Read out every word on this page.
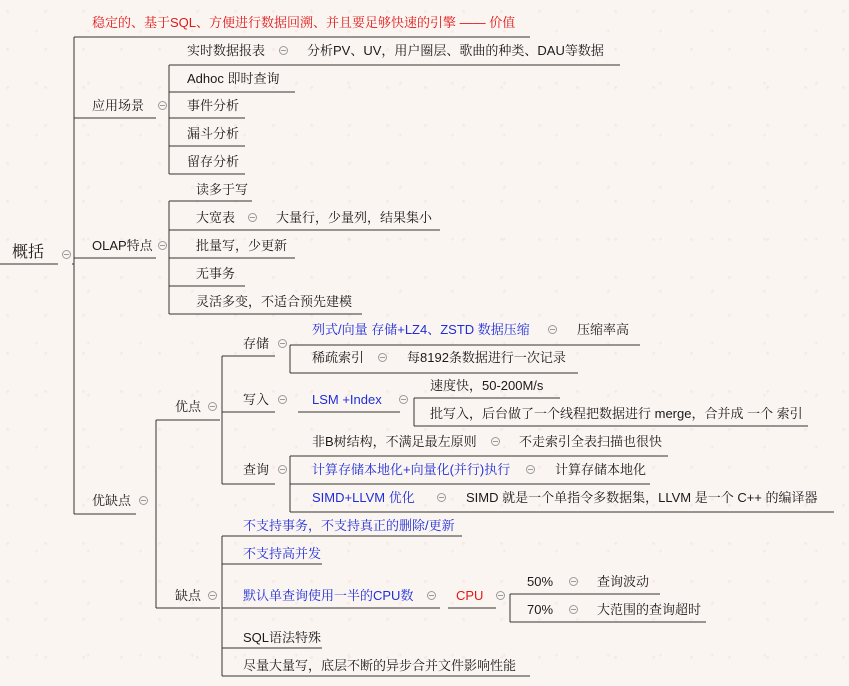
概括
稳定的、基于SQL、方便进行数据回溯、并且要足够快速的引擎 —— 价值
应用场景
实时数据报表	分析PV、UV，用户圈层、歌曲的种类、DAU等数据
Adhoc 即时查询
事件分析
漏斗分析
留存分析
OLAP特点
读多于写
大宽表	大量行，少量列，结果集小
批量写，少更新
无事务
灵活多变，不适合预先建模
优缺点
优点
存储
列式/向量 存储+LZ4、ZSTD 数据压缩	压缩率高
稀疏索引	每8192条数据进行一次记录
写入	LSM +Index
速度快，50-200M/s
批写入，后台做了一个线程把数据进行 merge，合并成 一个 索引
查询
非B树结构，不满足最左原则	不走索引全表扫描也很快
计算存储本地化+向量化(并行)执行	计算存储本地化
SIMD+LLVM 优化	SIMD 就是一个单指令多数据集，LLVM 是一个 C++ 的编译器
缺点
不支持事务，不支持真正的删除/更新
不支持高并发
默认单查询使用一半的CPU数	CPU
50%	查询波动
70%	大范围的查询超时
SQL语法特殊
尽量大量写，底层不断的异步合并文件影响性能
